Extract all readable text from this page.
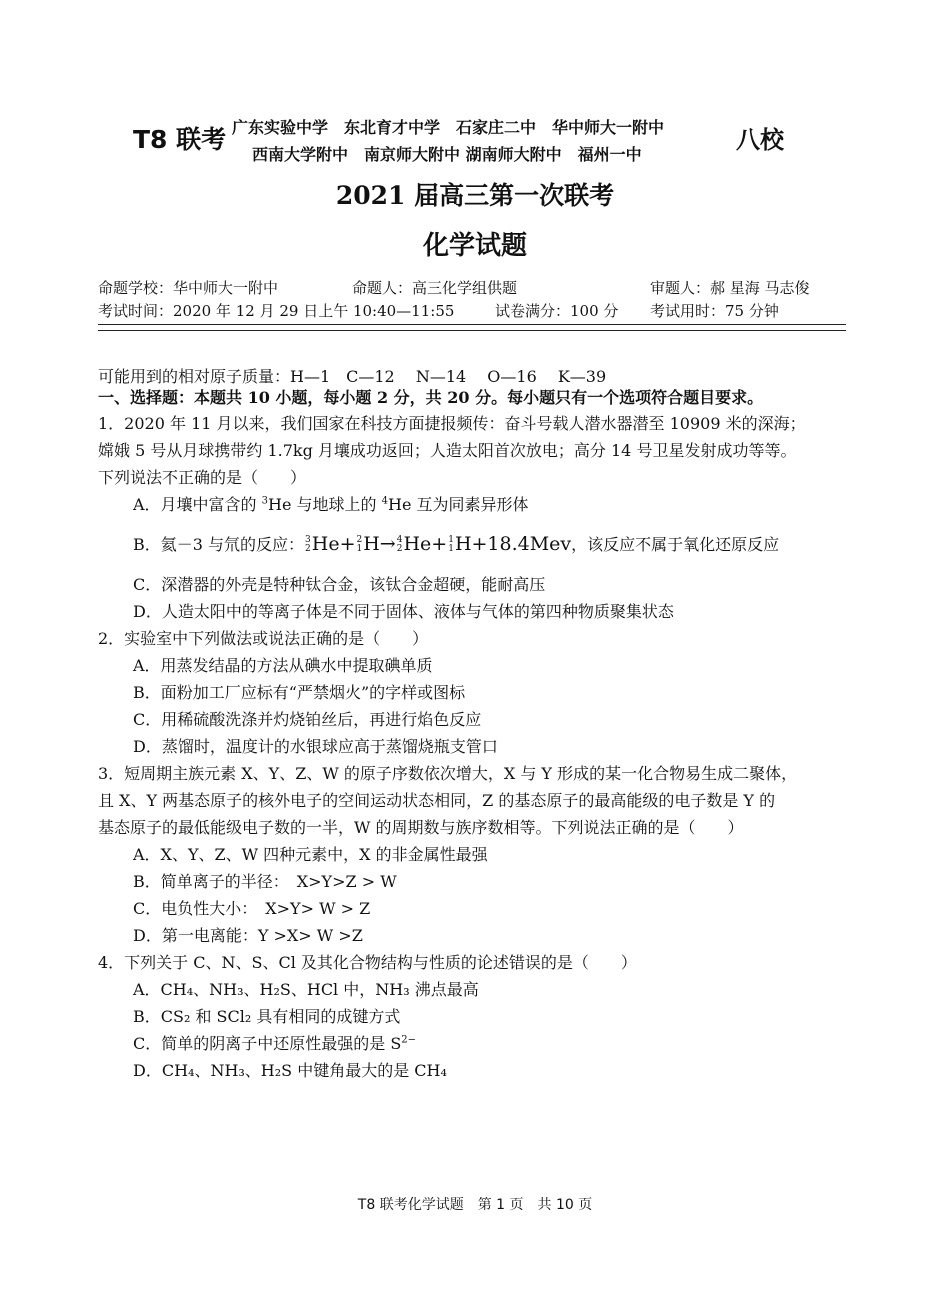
T8 联考 广东实验中学　东北育才中学　石家庄二中　华中师大一附中
西南大学附中　南京师大附中 湖南师大附中　福州一中
八校
2021 届高三第一次联考
化学试题
命题学校：华中师大一附中	命题人：高三化学组供题	审题人：郝 星海 马志俊
考试时间：2020 年 12 月 29 日上午 10:40—11:55	试卷满分：100 分 考试用时：75 分钟
可能用到的相对原子质量：H—1　C—12　 N—14　 O—16　 K—39
一、选择题：本题共 10 小题，每小题 2 分，共 20 分。每小题只有一个选项符合题目要求。
1．2020 年 11 月以来，我们国家在科技方面捷报频传：奋斗号载人潜水器潜至 10909 米的深海；
嫦娥 5 号从月球携带约 1.7kg 月壤成功返回；人造太阳首次放电；高分 14 号卫星发射成功等等。
下列说法不正确的是（　　）
A．月壤中富含的 $^3$He 与地球上的 $^4$He 互为同素异形体
B．氦－3 与氘的反应： 3
2 He+ 2
1 H→ 4
2 He+ 1
1 H+18.4Mev，该反应不属于氧化还原反应
C．深潜器的外壳是特种钛合金，该钛合金超硬，能耐高压
D．人造太阳中的等离子体是不同于固体、液体与气体的第四种物质聚集状态
2．实验室中下列做法或说法正确的是（　　）
A．用蒸发结晶的方法从碘水中提取碘单质
B．面粉加工厂应标有“严禁烟火”的字样或图标
C．用稀硫酸洗涤并灼烧铂丝后，再进行焰色反应
D．蒸馏时，温度计的水银球应高于蒸馏烧瓶支管口
3．短周期主族元素 X、Y、Z、W 的原子序数依次增大，X 与 Y 形成的某一化合物易生成二聚体，
且 X、Y 两基态原子的核外电子的空间运动状态相同，Z 的基态原子的最高能级的电子数是 Y 的
基态原子的最低能级电子数的一半，W 的周期数与族序数相等。下列说法正确的是（　　）
A．X、Y、Z、W 四种元素中，X 的非金属性最强
B．简单离子的半径：　X>Y>Z > W
C．电负性大小：　X>Y> W > Z
D．第一电离能：Y >X> W >Z
4．下列关于 C、N、S、Cl 及其化合物结构与性质的论述错误的是（　　）
A．CH₄、NH₃、H₂S、HCl 中，NH₃ 沸点最高
B．CS₂ 和 SCl₂ 具有相同的成键方式
C．简单的阴离子中还原性最强的是 $S^{2-}$
D．CH₄、NH₃、H₂S 中键角最大的是 CH₄
T8 联考化学试题　第 1 页　共 10 页
